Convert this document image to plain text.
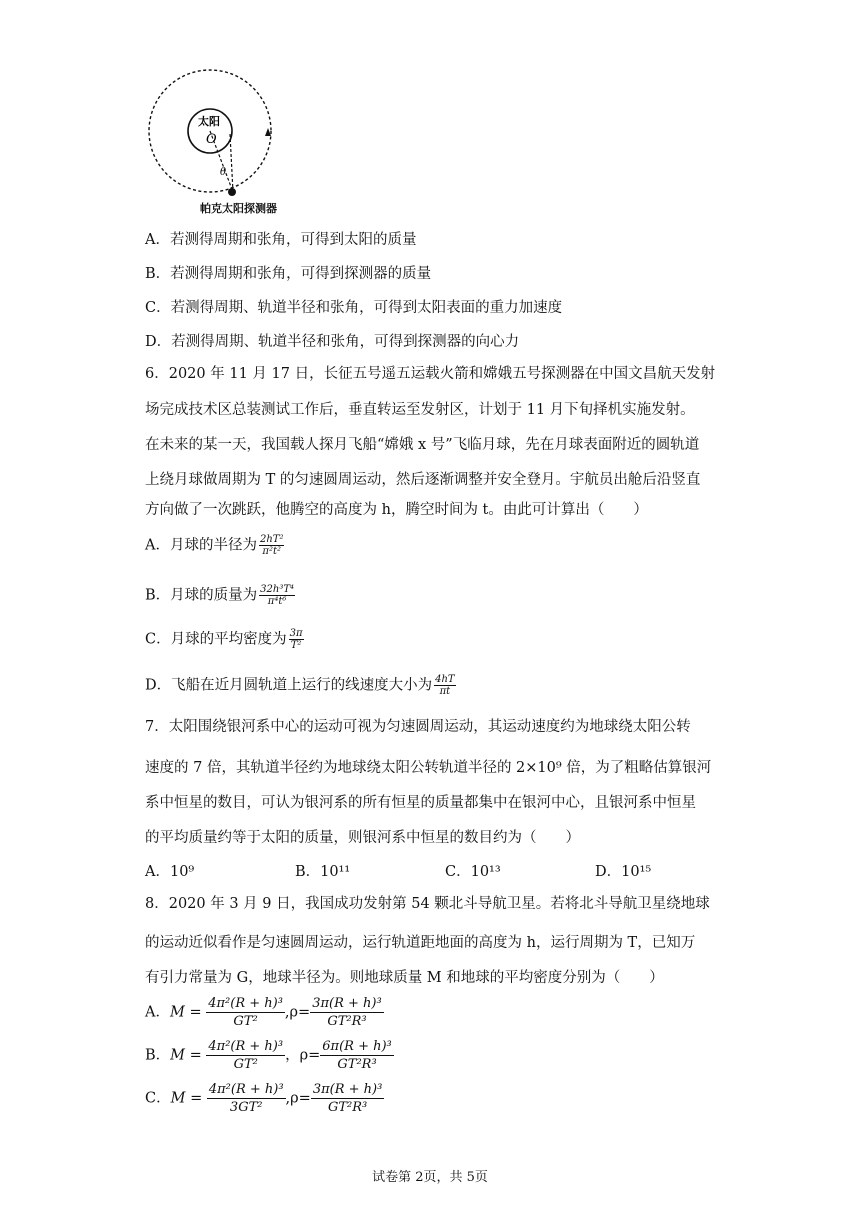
太阳
O
θ
帕克太阳探测器
A．若测得周期和张角，可得到太阳的质量
B．若测得周期和张角，可得到探测器的质量
C．若测得周期、轨道半径和张角，可得到太阳表面的重力加速度
D．若测得周期、轨道半径和张角，可得到探测器的向心力
6．2020 年 11 月 17 日，长征五号遥五运载火箭和嫦娥五号探测器在中国文昌航天发射
场完成技术区总装测试工作后，垂直转运至发射区，计划于 11 月下旬择机实施发射。
在未来的某一天，我国载人探月飞船“嫦娥 x 号”飞临月球，先在月球表面附近的圆轨道
上绕月球做周期为 T 的匀速圆周运动，然后逐渐调整并安全登月。宇航员出舱后沿竖直
方向做了一次跳跃，他腾空的高度为 h，腾空时间为 t。由此可计算出（　　）
A．月球的半径为 $\frac{\text{2hT²}}{\text{π²t²}}$
B．月球的质量为 $\frac{\text{32h³T⁴}}{\text{π⁴t⁶}}$
C．月球的平均密度为 $\frac{3\pi}{\text{T²}}$
D．飞船在近月圆轨道上运行的线速度大小为 $\frac{4hT}{\pi t}$
7．太阳围绕银河系中心的运动可视为匀速圆周运动，其运动速度约为地球绕太阳公转
速度的 7 倍，其轨道半径约为地球绕太阳公转轨道半径的 2×10⁹ 倍，为了粗略估算银河
系中恒星的数目，可认为银河系的所有恒星的质量都集中在银河中心，且银河系中恒星
的平均质量约等于太阳的质量，则银河系中恒星的数目约为（　　）
A．10⁹	B．10¹¹	C．10¹³	D．10¹⁵
8．2020 年 3 月 9 日，我国成功发射第 54 颗北斗导航卫星。若将北斗导航卫星绕地球
的运动近似看作是匀速圆周运动，运行轨道距地面的高度为 h，运行周期为 T，已知万
有引力常量为 G，地球半径为。则地球质量 M 和地球的平均密度分别为（　　）
A．$M = \frac{\text{4π²(R + h)³}}{\text{GT²}} ,\rho= \frac{\text{3π(R + h)³}}{\text{GT²R³}}$
B．$M = \frac{\text{4π²(R + h)³}}{\text{GT²}}$ ，$\rho= \frac{\text{6π(R + h)³}}{\text{GT²R³}}$
C．$M = \frac{\text{4π²(R + h)³}}{\text{3GT²}} ,\rho= \frac{\text{3π(R + h)³}}{\text{GT²R³}}$
试卷第 2页，共 5页
